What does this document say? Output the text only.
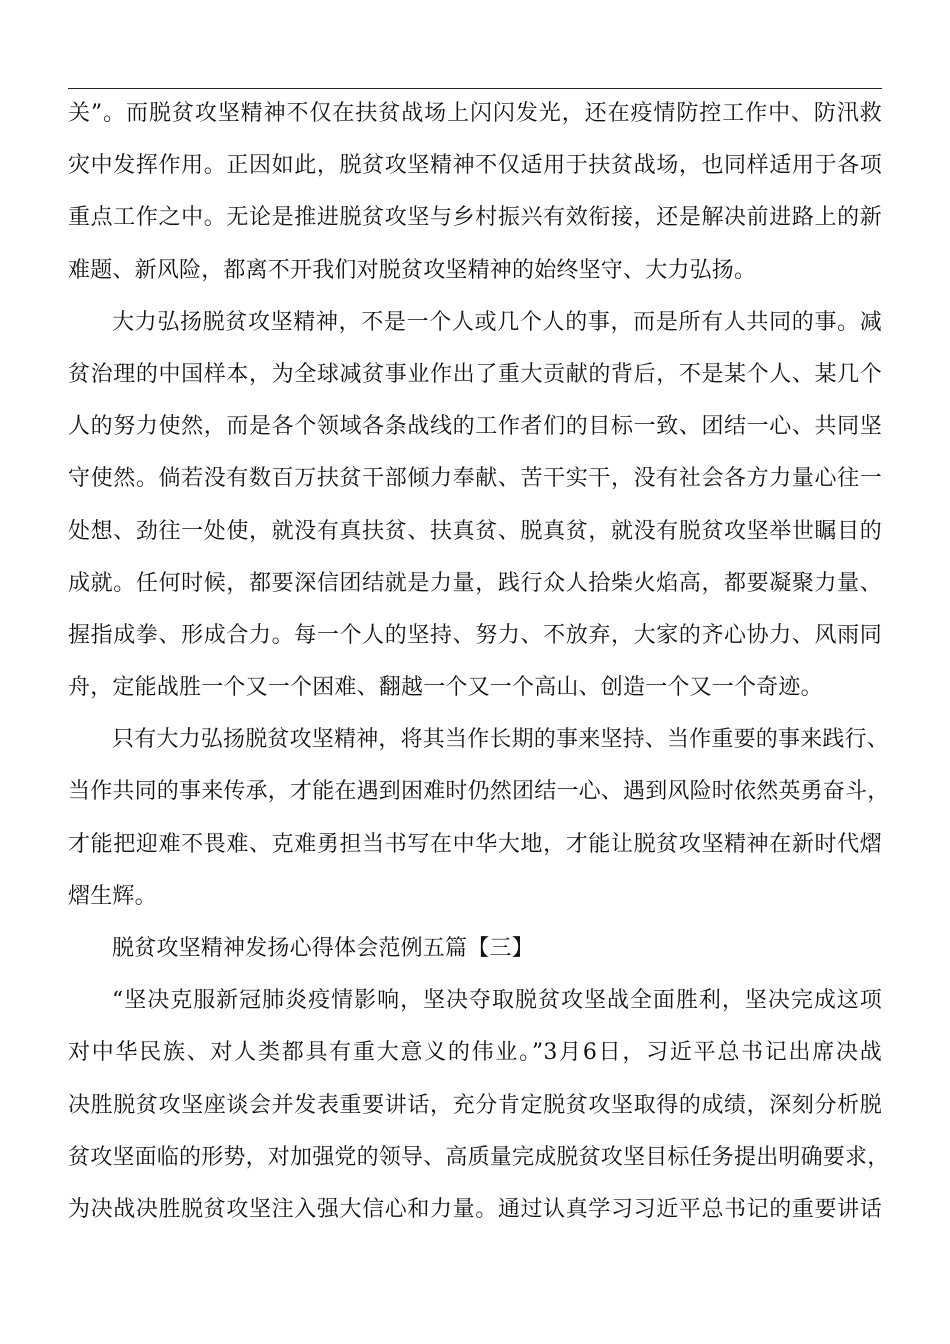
关”。而脱贫攻坚精神不仅在扶贫战场上闪闪发光，还在疫情防控工作中、防汛救
灾中发挥作用。正因如此，脱贫攻坚精神不仅适用于扶贫战场，也同样适用于各项
重点工作之中。无论是推进脱贫攻坚与乡村振兴有效衔接，还是解决前进路上的新
难题、新风险，都离不开我们对脱贫攻坚精神的始终坚守、大力弘扬。
大力弘扬脱贫攻坚精神，不是一个人或几个人的事，而是所有人共同的事。减
贫治理的中国样本，为全球减贫事业作出了重大贡献的背后，不是某个人、某几个
人的努力使然，而是各个领域各条战线的工作者们的目标一致、团结一心、共同坚
守使然。倘若没有数百万扶贫干部倾力奉献、苦干实干，没有社会各方力量心往一
处想、劲往一处使，就没有真扶贫、扶真贫、脱真贫，就没有脱贫攻坚举世瞩目的
成就。任何时候，都要深信团结就是力量，践行众人拾柴火焰高，都要凝聚力量、
握指成拳、形成合力。每一个人的坚持、努力、不放弃，大家的齐心协力、风雨同
舟，定能战胜一个又一个困难、翻越一个又一个高山、创造一个又一个奇迹。
只有大力弘扬脱贫攻坚精神，将其当作长期的事来坚持、当作重要的事来践行、
当作共同的事来传承，才能在遇到困难时仍然团结一心、遇到风险时依然英勇奋斗，
才能把迎难不畏难、克难勇担当书写在中华大地，才能让脱贫攻坚精神在新时代熠
熠生辉。
脱贫攻坚精神发扬心得体会范例五篇【三】
“坚决克服新冠肺炎疫情影响，坚决夺取脱贫攻坚战全面胜利，坚决完成这项
对中华民族、对人类都具有重大意义的伟业。”3月6日，习近平总书记出席决战
决胜脱贫攻坚座谈会并发表重要讲话，充分肯定脱贫攻坚取得的成绩，深刻分析脱
贫攻坚面临的形势，对加强党的领导、高质量完成脱贫攻坚目标任务提出明确要求，
为决战决胜脱贫攻坚注入强大信心和力量。通过认真学习习近平总书记的重要讲话
